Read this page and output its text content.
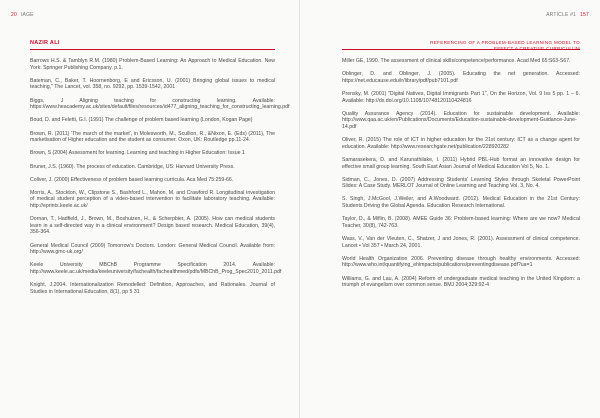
20 IAGE
NAZIR ALI
Barrows H.S. & Tamblyn R.M. (1980) Problem-Based Learning: An Approach to Medical Education. New York: Springer Publishing Company. p.1.
Bateman, C., Baker, T. Hoornenborg, E and Ericsson, U. (2001) Bringing global issues to medical teaching," The Lancet, vol. 358, no. 9292, pp. 1539-1542, 2001
Biggs, J Aligning teaching for constructing learning. Available: https://www.heacademy.ac.uk/sites/default/files/resources/id477_aligning_teaching_for_constructing_learning.pdf
Boud, D. and Feletti, G.I. (1991) The challenge of problem based learning (London, Kogan Page)
Brown, R. (2011) 'The march of the market', in Molesworth, M., Scullion, R., &Nixon, E. (Eds) (2011), The marketisation of Higher education and the student as consumer. Oxon, UK: Routledge pp.11-24.
Brown, S (2004) Assessment for learning. Learning and teaching in Higher Education: Issue 1
Bruner, J.S. (1960). The process of education. Cambridge, US: Harvard University Press.
Collver, J. (2000) Effectiveness of problem based learning curricula. Aca Med 75:259-66.
Morris, A., Stockton, W., Clipstone S., Bashford L., Mahon, M. and Crawford R. Longitudinal investigation of medical student perception of a video-based intervention to facilitate laboratory teaching. Available: http://eprints.keele.ac.uk/
Dornan, T., Hadfield, J., Brown, M., Boshuizen, H., & Scherpbier, A. (2005). How can medical students learn in a self-directed way in a clinical environment? Design based research. Medical Education, 39(4), 356-364.
General Medical Council (2009) Tomorrow's Doctors. London: General Medical Council. Available from: http://www.gmc-uk.org/
Keele University MBChB Programme Specification 2014. Available: http://www.keele.ac.uk/media/keeleuniversity/fachealth/fachealthmed/pdfs/MBChB_Prog_Spec2010_2011.pdf
Knight, J.2004. Internationalization Remodelled: Definition, Approaches, and Rationales. Journal of Studies in International Education, 8(1), pp 5 31
ARTICLE #1 157
REFERENCING OF A PROBLEM-BASED LEARNING MODEL TO EFFECT A CREATIVE CURRICULUM
Miller GE, 1990. The assessment of clinical skills/competence/performance. Acad Med 65:S63-S67.
Oblinger, D. and Oblinger, J. (2005). Educating the net generation. Accessed: https://net.educause.edu/ir/library/pdf/pub7101.pdf
Prensky, M. (2001) "Digital Natives, Digital Immigrants Part 1", On the Horizon, Vol. 9 Iss 5 pp. 1 – 6. Available: http://dx.doi.org/10.1108/10748120110424816
Quality Assurance Agency (2014). Education for sustainable development. Available: http://www.qaa.ac.uk/en/Publications/Documents/Education-sustainable-development-Guidance-June-14.pdf
Oliver, R. (2015) The role of ICT in higher education for the 21st century: ICT as a change agent for education. Available: http://www.researchgate.net/publication/228920282
Samarasekera, D. and Karunathilake, I. (2011) Hybrid PBL-Hub format an innovative design for effective small group learning. South East Asian Journal of Medical Education Vol 5, No. 1.
Sidman, C., Jones, D. (2007) Addressing Students' Learning Styles through Skeletal PowerPoint Slides: A Case Study. MERLOT Journal of Online Learning and Teaching Vol. 3, No. 4.
S. Singh, J.McGool, J.Weiler, and A.Woodward. (2012). Medical Education in the 21st Century: Students Driving the Global Agenda. Education Research International.
Taylor, D., & Miflin, B. (2008). AMEE Guide 36: Problem-based learning: Where are we now? Medical Teacher, 30(8), 742-763.
Wass, V., Van der Vleuten, C., Shatzer, J and Jones, R. (2001). Assessment of clinical competence. Lancet • Vol 357 • March 24, 2001.
World Health Organization 2006. Preventing disease through healthy environments. Accessed: http://www.who.int/quantifying_ehimpacts/publications/preventingdisease.pdf?ua=1
Williams, G. and Lau, A. (2004) Reform of undergraduate medical teaching in the United Kingdom: a triumph of evangelism over common sense. BMJ 2004;329:92-4
